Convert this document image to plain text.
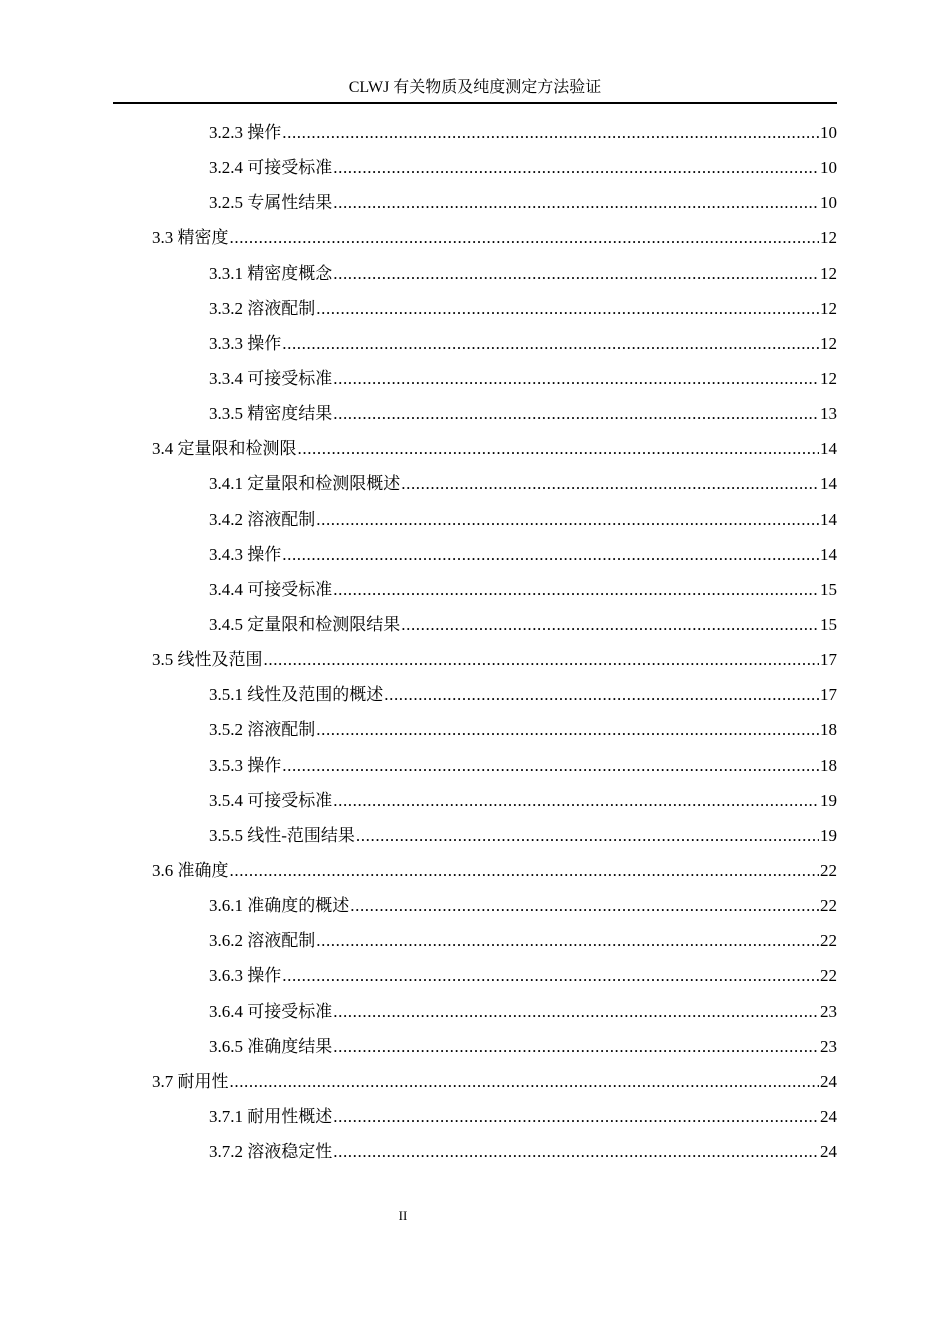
CLWJ 有关物质及纯度测定方法验证
3.2.3 操作 .....	10
3.2.4 可接受标准 .....	10
3.2.5 专属性结果 .....	10
3.3 精密度 .....	12
3.3.1 精密度概念 .....	12
3.3.2 溶液配制 .....	12
3.3.3 操作 .....	12
3.3.4 可接受标准 .....	12
3.3.5 精密度结果 .....	13
3.4 定量限和检测限 .....	14
3.4.1 定量限和检测限概述 .....	14
3.4.2 溶液配制 .....	14
3.4.3 操作 .....	14
3.4.4 可接受标准 .....	15
3.4.5 定量限和检测限结果 .....	15
3.5 线性及范围 .....	17
3.5.1 线性及范围的概述 .....	17
3.5.2 溶液配制 .....	18
3.5.3 操作 .....	18
3.5.4 可接受标准 .....	19
3.5.5 线性-范围结果 .....	19
3.6 准确度 .....	22
3.6.1 准确度的概述 .....	22
3.6.2 溶液配制 .....	22
3.6.3 操作 .....	22
3.6.4 可接受标准 .....	23
3.6.5 准确度结果 .....	23
3.7 耐用性 .....	24
3.7.1 耐用性概述 .....	24
3.7.2 溶液稳定性 .....	24
II
